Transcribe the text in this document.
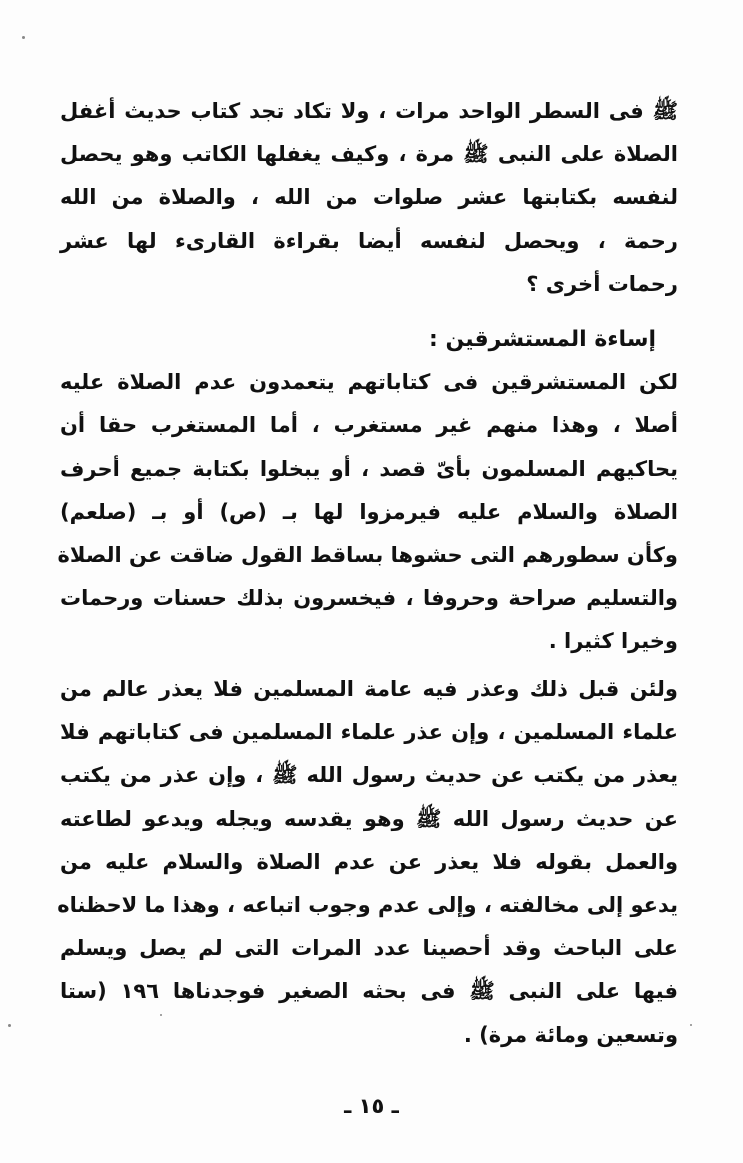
ﷺ فى السطر الواحد مرات ، ولا تكاد تجد كتاب حديث أغفل
الصلاة على النبى ﷺ مرة ، وكيف يغفلها الكاتب وهو يحصل
لنفسه بكتابتها عشر صلوات من الله ، والصلاة من الله
رحمة ، ويحصل لنفسه أيضا بقراءة القارىء لها عشر
رحمات أخرى ؟
إساءة المستشرقين :
لكن المستشرقين فى كتاباتهم يتعمدون عدم الصلاة عليه
أصلا ، وهذا منهم غير مستغرب ، أما المستغرب حقا أن
يحاكيهم المسلمون بأىّ قصد ، أو يبخلوا بكتابة جميع أحرف
الصلاة والسلام عليه فيرمزوا لها بـ (ص) أو بـ (صلعم)
وكأن سطورهم التى حشوها بساقط القول ضاقت عن الصلاة
والتسليم صراحة وحروفا ، فيخسرون بذلك حسنات ورحمات
وخيرا كثيرا .
ولئن قبل ذلك وعذر فيه عامة المسلمين فلا يعذر عالم من
علماء المسلمين ، وإن عذر علماء المسلمين فى كتاباتهم فلا
يعذر من يكتب عن حديث رسول الله ﷺ ، وإن عذر من يكتب
عن حديث رسول الله ﷺ وهو يقدسه ويجله ويدعو لطاعته
والعمل بقوله فلا يعذر عن عدم الصلاة والسلام عليه من
يدعو إلى مخالفته ، وإلى عدم وجوب اتباعه ، وهذا ما لاحظناه
على الباحث وقد أحصينا عدد المرات التى لم يصل ويسلم
فيها على النبى ﷺ فى بحثه الصغير فوجدناها ١٩٦ (ستا
وتسعين ومائة مرة) .
ـ ١٥ ـ
